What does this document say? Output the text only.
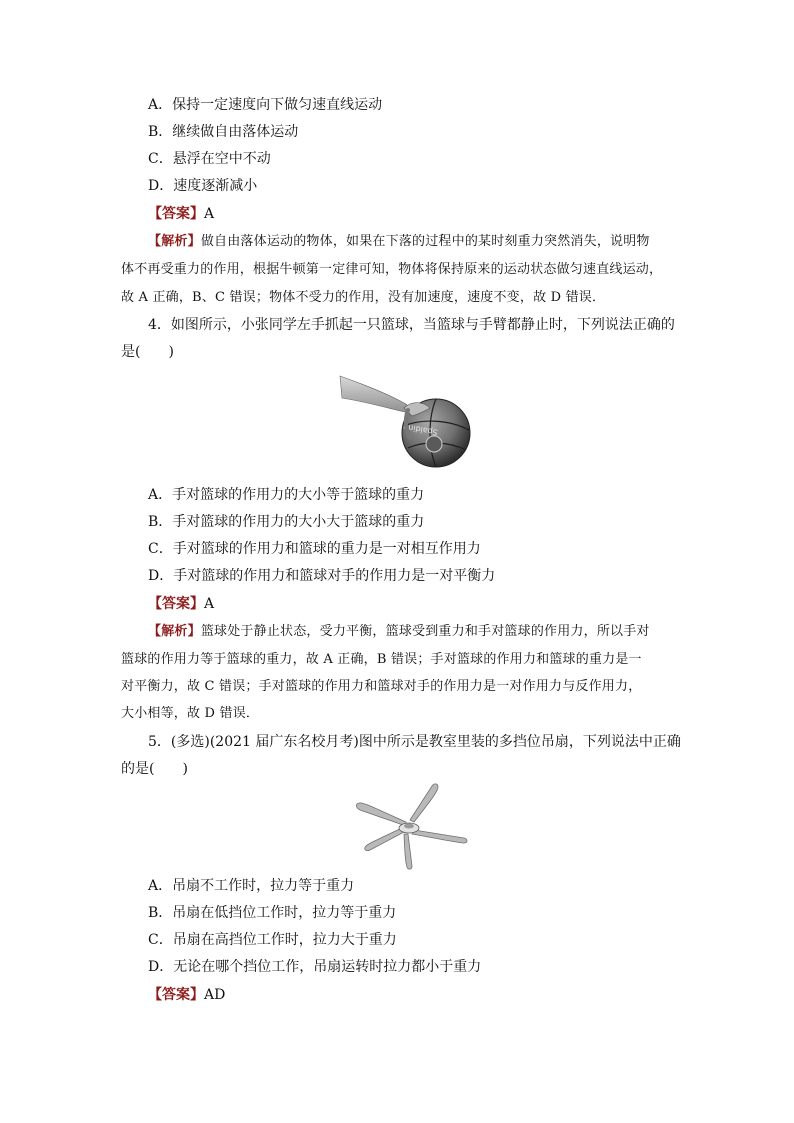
A．保持一定速度向下做匀速直线运动
B．继续做自由落体运动
C．悬浮在空中不动
D．速度逐渐减小
【答案】A
【解析】做自由落体运动的物体，如果在下落的过程中的某时刻重力突然消失，说明物
体不再受重力的作用，根据牛顿第一定律可知，物体将保持原来的运动状态做匀速直线运动，
故 A 正确，B、C 错误；物体不受力的作用，没有加速度，速度不变，故 D 错误．
4．如图所示，小张同学左手抓起一只篮球，当篮球与手臂都静止时，下列说法正确的
是(　　)
Spalding
A．手对篮球的作用力的大小等于篮球的重力
B．手对篮球的作用力的大小大于篮球的重力
C．手对篮球的作用力和篮球的重力是一对相互作用力
D．手对篮球的作用力和篮球对手的作用力是一对平衡力
【答案】A
【解析】篮球处于静止状态，受力平衡，篮球受到重力和手对篮球的作用力，所以手对
篮球的作用力等于篮球的重力，故 A 正确，B 错误；手对篮球的作用力和篮球的重力是一
对平衡力，故 C 错误；手对篮球的作用力和篮球对手的作用力是一对作用力与反作用力，
大小相等，故 D 错误．
5．(多选)(2021 届广东名校月考)图中所示是教室里装的多挡位吊扇，下列说法中正确
的是(　　)
A．吊扇不工作时，拉力等于重力
B．吊扇在低挡位工作时，拉力等于重力
C．吊扇在高挡位工作时，拉力大于重力
D．无论在哪个挡位工作，吊扇运转时拉力都小于重力
【答案】AD
